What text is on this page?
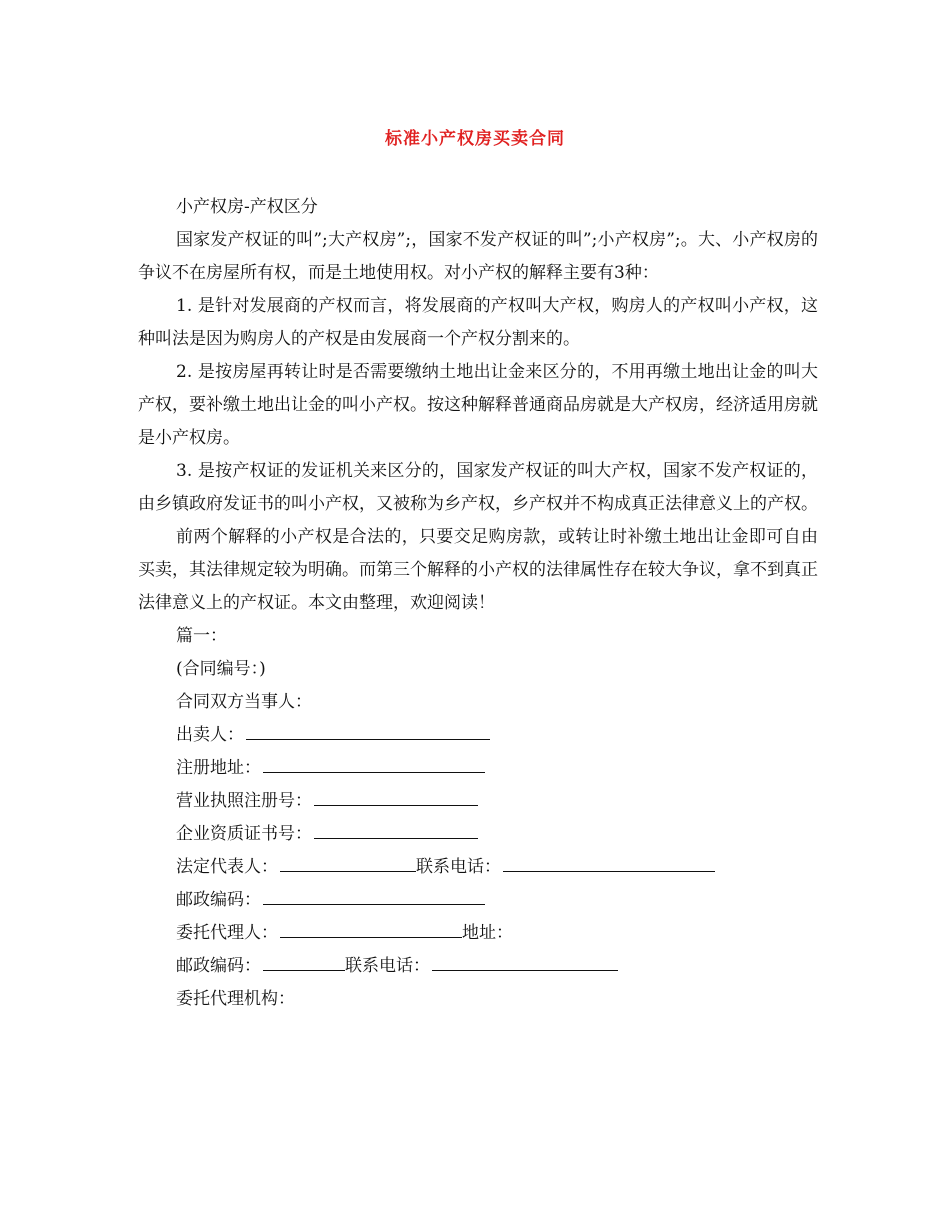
标准小产权房买卖合同

小产权房-产权区分

国家发产权证的叫”;大产权房”;，国家不发产权证的叫”;小产权房”;。大、小产权房的争议不在房屋所有权，而是土地使用权。对小产权的解释主要有3种：

1. 是针对发展商的产权而言，将发展商的产权叫大产权，购房人的产权叫小产权，这种叫法是因为购房人的产权是由发展商一个产权分割来的。

2. 是按房屋再转让时是否需要缴纳土地出让金来区分的，不用再缴土地出让金的叫大产权，要补缴土地出让金的叫小产权。按这种解释普通商品房就是大产权房，经济适用房就是小产权房。

3. 是按产权证的发证机关来区分的，国家发产权证的叫大产权，国家不发产权证的，由乡镇政府发证书的叫小产权，又被称为乡产权，乡产权并不构成真正法律意义上的产权。

前两个解释的小产权是合法的，只要交足购房款，或转让时补缴土地出让金即可自由买卖，其法律规定较为明确。而第三个解释的小产权的法律属性存在较大争议，拿不到真正法律意义上的产权证。本文由整理，欢迎阅读！

篇一：

(合同编号：)

合同双方当事人：

出卖人：

注册地址：

营业执照注册号：

企业资质证书号：

法定代表人：	联系电话：

邮政编码：

委托代理人：	地址：

邮政编码：	联系电话：

委托代理机构：
